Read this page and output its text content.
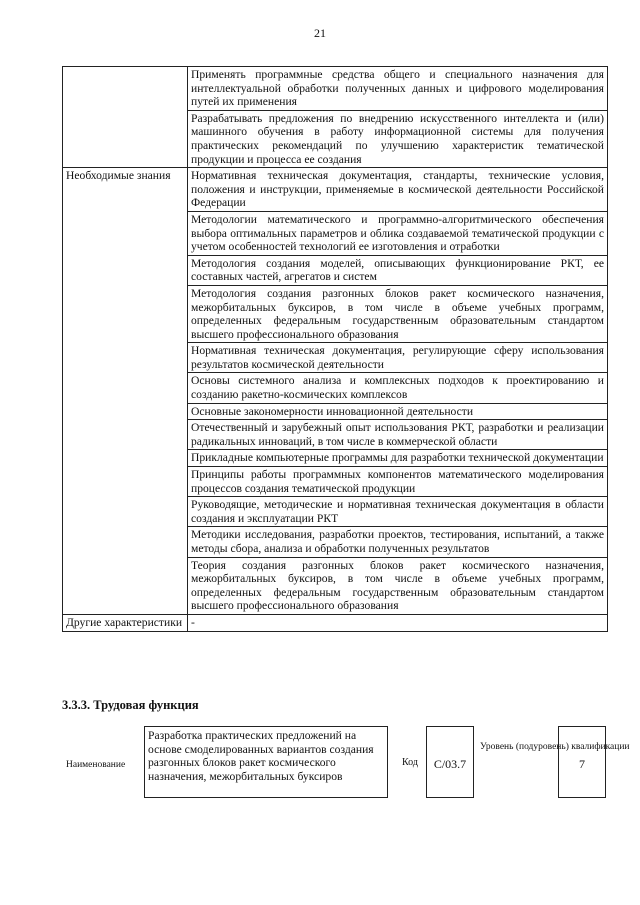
21
	Применять программные средства общего и специального назначения для интеллектуальной обработки полученных данных и цифрового моделирования путей их применения
	Разрабатывать предложения по внедрению искусственного интеллекта и (или) машинного обучения в работу информационной системы для получения практических рекомендаций по улучшению характеристик тематической продукции и процесса ее создания
Необходимые знания	Нормативная техническая документация, стандарты, технические условия, положения и инструкции, применяемые в космической деятельности Российской Федерации
	Методологии математического и программно-алгоритмического обеспечения выбора оптимальных параметров и облика создаваемой тематической продукции с учетом особенностей технологий ее изготовления и отработки
	Методология создания моделей, описывающих функционирование РКТ, ее составных частей, агрегатов и систем
	Методология создания разгонных блоков ракет космического назначения, межорбитальных буксиров, в том числе в объеме учебных программ, определенных федеральным государственным образовательным стандартом высшего профессионального образования
	Нормативная техническая документация, регулирующие сферу использования результатов космической деятельности
	Основы системного анализа и комплексных подходов к проектированию и созданию ракетно-космических комплексов
	Основные закономерности инновационной деятельности
	Отечественный и зарубежный опыт использования РКТ, разработки и реализации радикальных инноваций, в том числе в коммерческой области
	Прикладные компьютерные программы для разработки технической документации
	Принципы работы программных компонентов математического моделирования процессов создания тематической продукции
	Руководящие, методические и нормативная техническая документация в области создания и эксплуатации РКТ
	Методики исследования, разработки проектов, тестирования, испытаний, а также методы сбора, анализа и обработки полученных результатов
	Теория создания разгонных блоков ракет космического назначения, межорбитальных буксиров, в том числе в объеме учебных программ, определенных федеральным государственным образовательным стандартом высшего профессионального образования
Другие характеристики	-
3.3.3. Трудовая функция
Наименование
Разработка практических предложений на основе смоделированных вариантов создания разгонных блоков ракет космического назначения, межорбитальных буксиров
Код	C/03.7
Уровень (подуровень) квалификации
7
